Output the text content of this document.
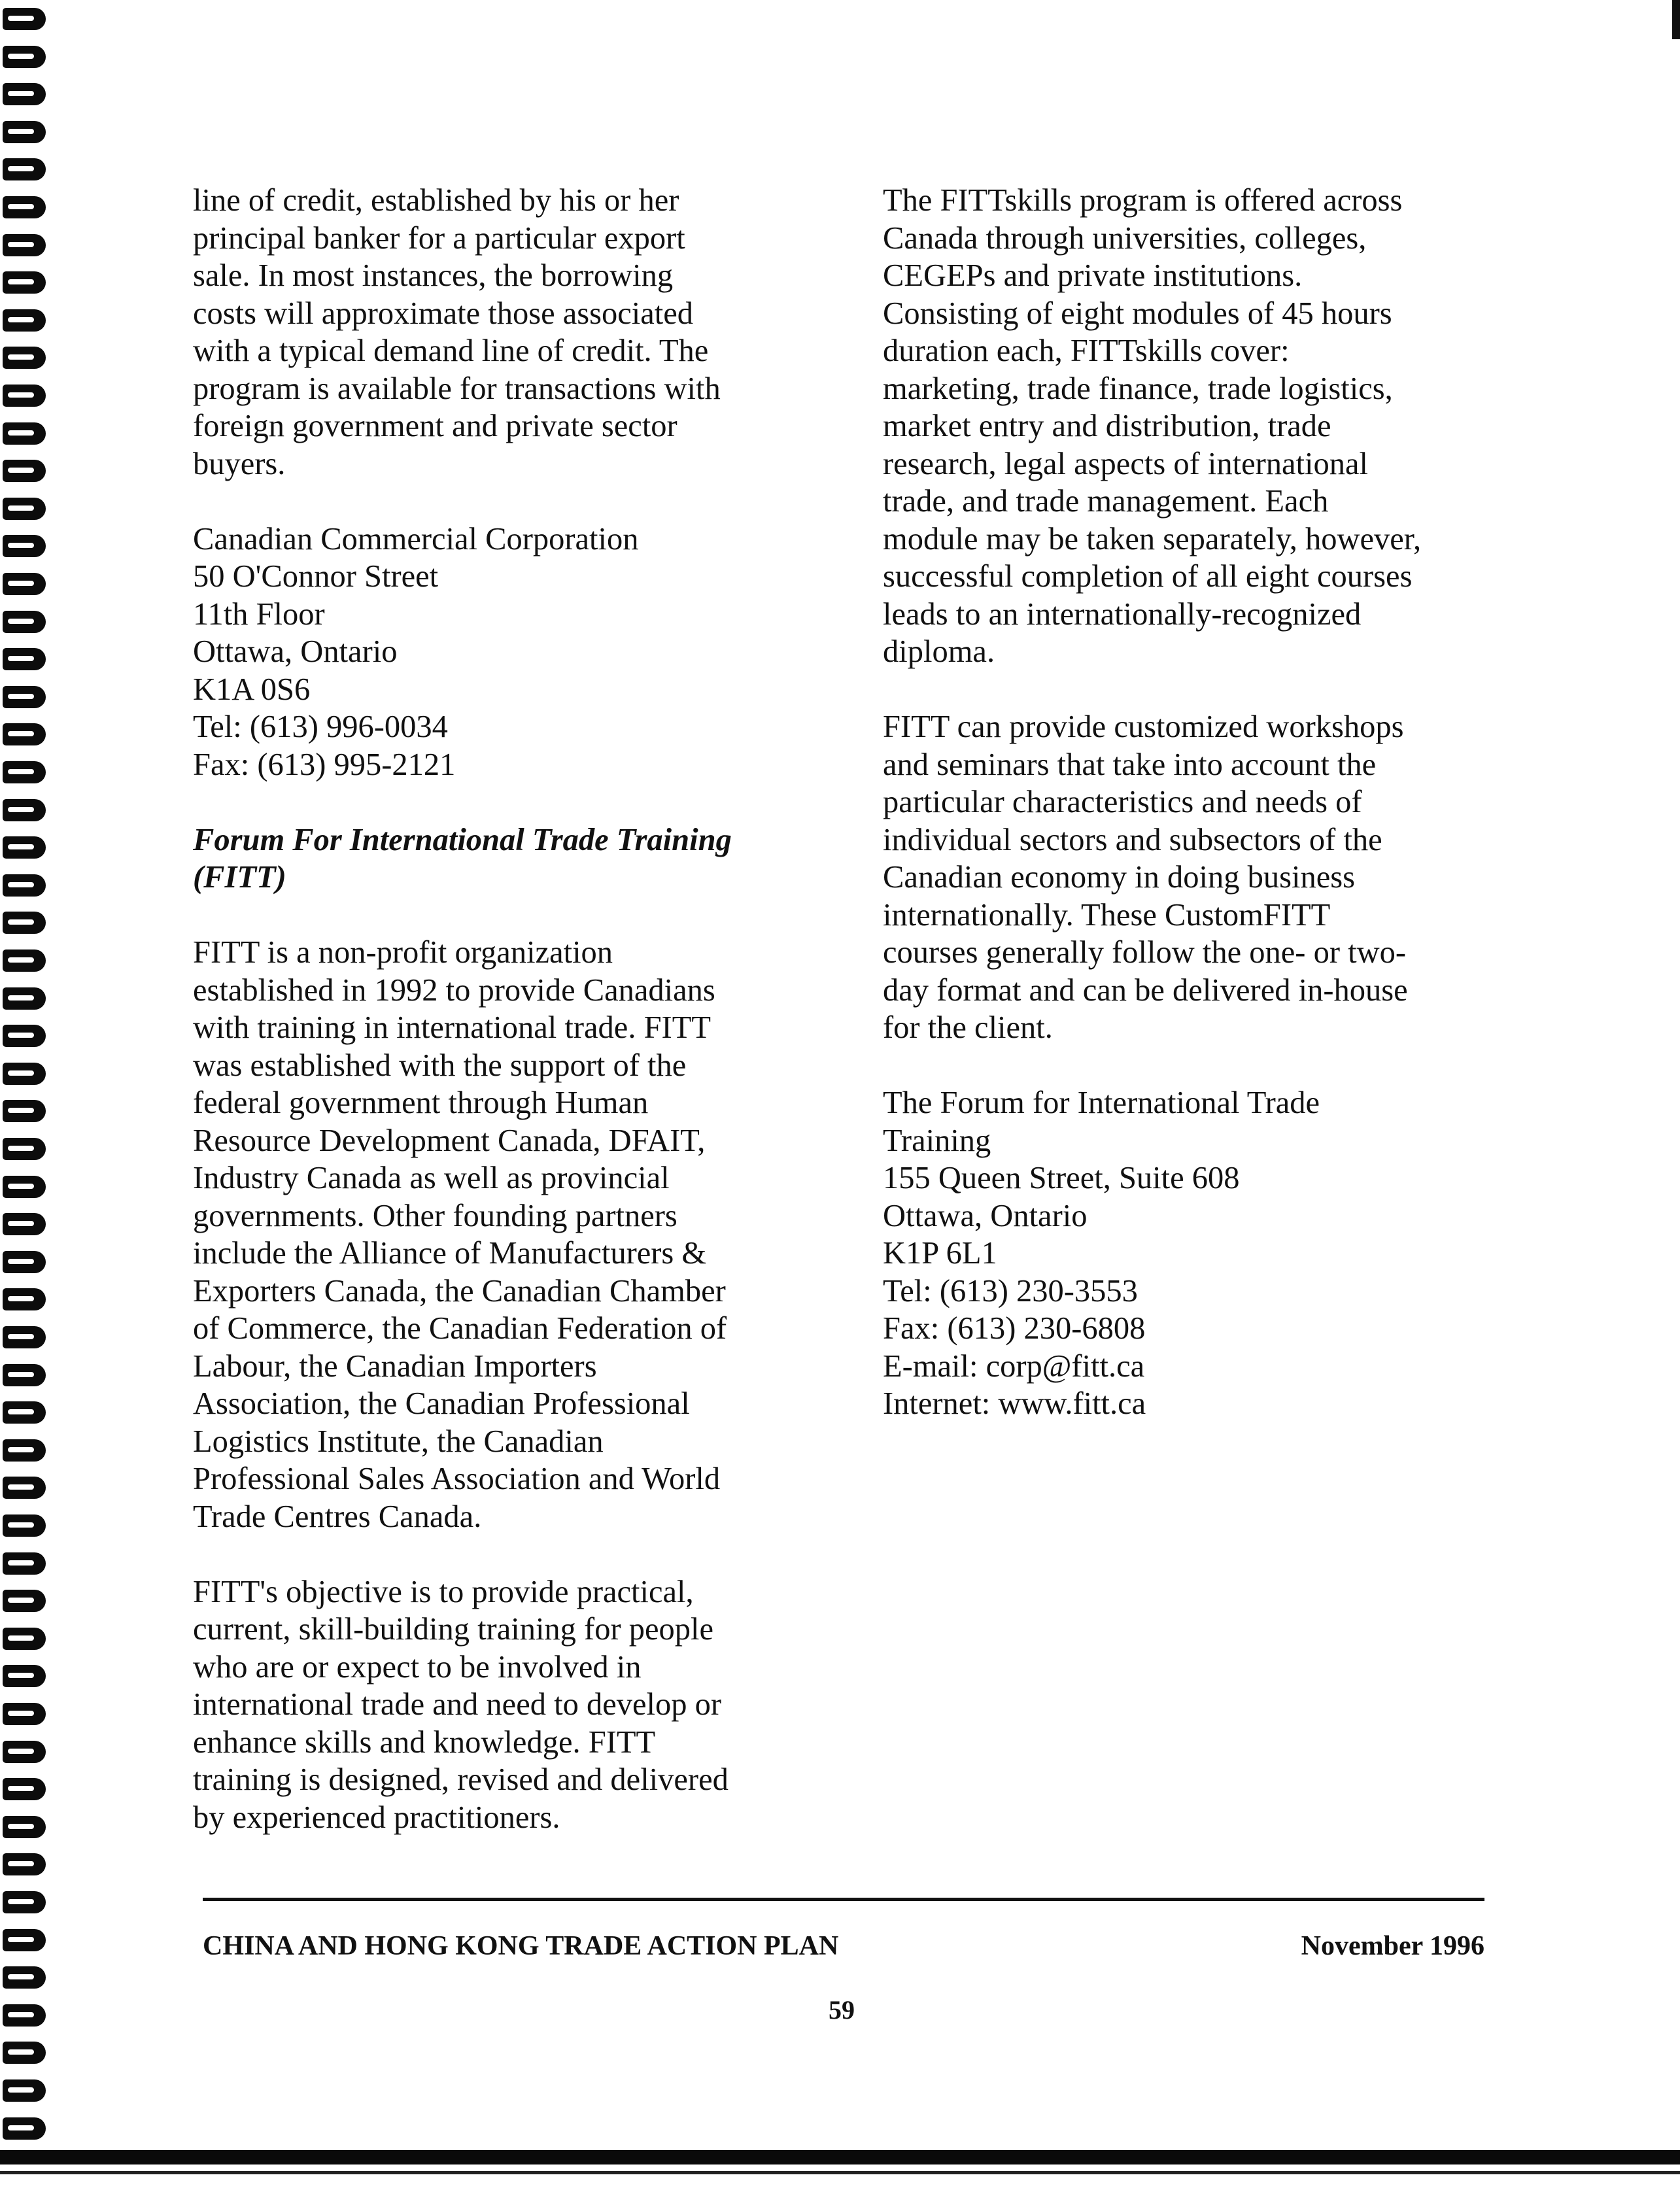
line of credit, established by his or her
principal banker for a particular export
sale. In most instances, the borrowing
costs will approximate those associated
with a typical demand line of credit. The
program is available for transactions with
foreign government and private sector
buyers.
Canadian Commercial Corporation
50 O'Connor Street
11th Floor
Ottawa, Ontario
K1A 0S6
Tel: (613) 996-0034
Fax: (613) 995-2121
Forum For International Trade Training
(FITT)
FITT is a non-profit organization
established in 1992 to provide Canadians
with training in international trade. FITT
was established with the support of the
federal government through Human
Resource Development Canada, DFAIT,
Industry Canada as well as provincial
governments. Other founding partners
include the Alliance of Manufacturers &
Exporters Canada, the Canadian Chamber
of Commerce, the Canadian Federation of
Labour, the Canadian Importers
Association, the Canadian Professional
Logistics Institute, the Canadian
Professional Sales Association and World
Trade Centres Canada.
FITT's objective is to provide practical,
current, skill-building training for people
who are or expect to be involved in
international trade and need to develop or
enhance skills and knowledge. FITT
training is designed, revised and delivered
by experienced practitioners.
The FITTskills program is offered across
Canada through universities, colleges,
CEGEPs and private institutions.
Consisting of eight modules of 45 hours
duration each, FITTskills cover:
marketing, trade finance, trade logistics,
market entry and distribution, trade
research, legal aspects of international
trade, and trade management. Each
module may be taken separately, however,
successful completion of all eight courses
leads to an internationally-recognized
diploma.
FITT can provide customized workshops
and seminars that take into account the
particular characteristics and needs of
individual sectors and subsectors of the
Canadian economy in doing business
internationally. These CustomFITT
courses generally follow the one- or two-
day format and can be delivered in-house
for the client.
The Forum for International Trade
Training
155 Queen Street, Suite 608
Ottawa, Ontario
K1P 6L1
Tel: (613) 230-3553
Fax: (613) 230-6808
E-mail: corp@fitt.ca
Internet: www.fitt.ca
CHINA AND HONG KONG TRADE ACTION PLAN	November 1996
59
